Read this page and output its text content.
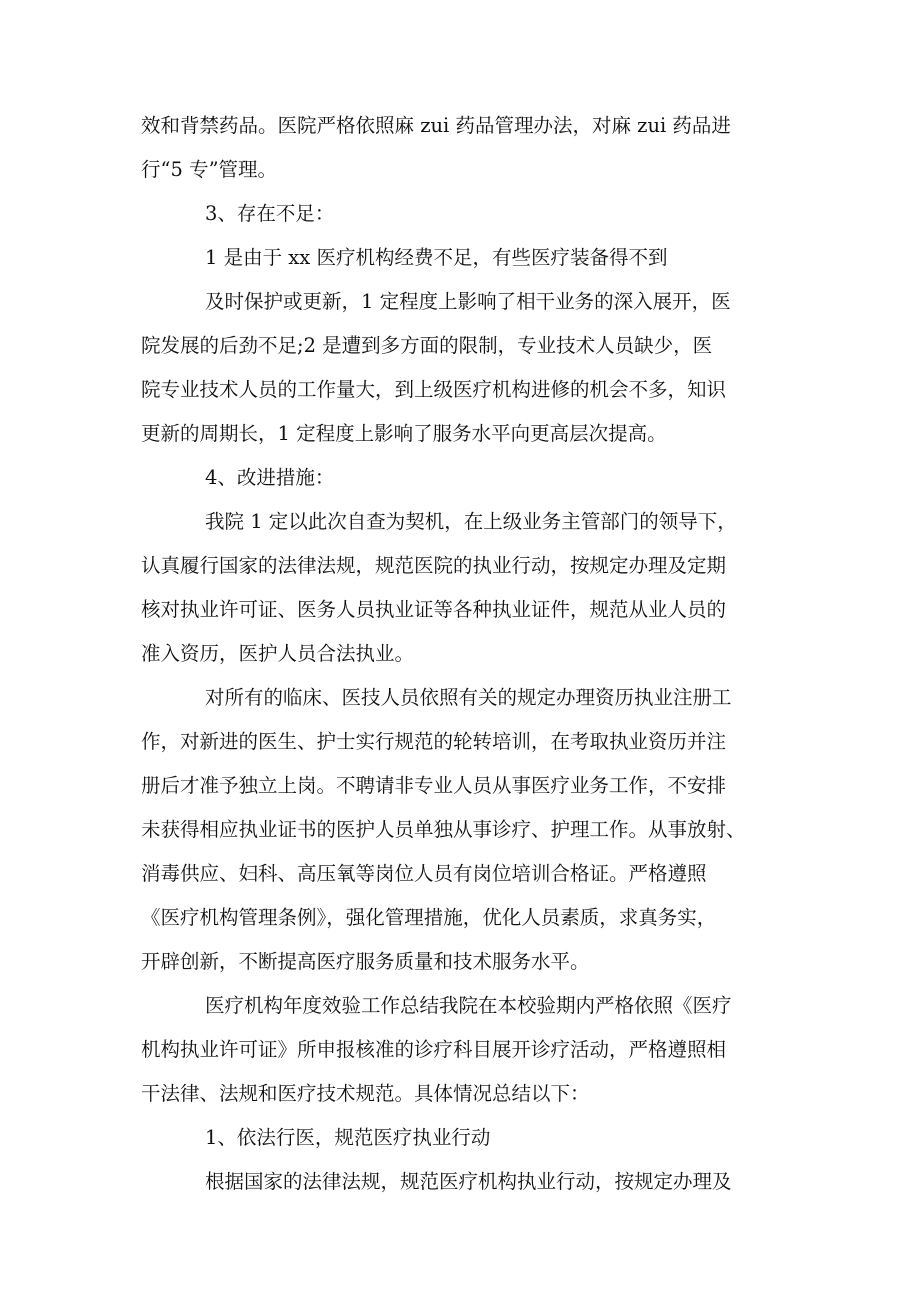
效和背禁药品。医院严格依照麻 zui 药品管理办法，对麻 zui 药品进
行“5 专”管理。
3、存在不足：
1 是由于 xx 医疗机构经费不足，有些医疗装备得不到
及时保护或更新，1 定程度上影响了相干业务的深入展开，医
院发展的后劲不足;2 是遭到多方面的限制，专业技术人员缺少，医
院专业技术人员的工作量大，到上级医疗机构进修的机会不多，知识
更新的周期长，1 定程度上影响了服务水平向更高层次提高。
4、改进措施：
我院 1 定以此次自查为契机，在上级业务主管部门的领导下，
认真履行国家的法律法规，规范医院的执业行动，按规定办理及定期
核对执业许可证、医务人员执业证等各种执业证件，规范从业人员的
准入资历，医护人员合法执业。
对所有的临床、医技人员依照有关的规定办理资历执业注册工
作，对新进的医生、护士实行规范的轮转培训，在考取执业资历并注
册后才准予独立上岗。不聘请非专业人员从事医疗业务工作，不安排
未获得相应执业证书的医护人员单独从事诊疗、护理工作。从事放射、
消毒供应、妇科、高压氧等岗位人员有岗位培训合格证。严格遵照
《医疗机构管理条例》，强化管理措施，优化人员素质，求真务实，
开辟创新，不断提高医疗服务质量和技术服务水平。
医疗机构年度效验工作总结我院在本校验期内严格依照《医疗
机构执业许可证》所申报核准的诊疗科目展开诊疗活动，严格遵照相
干法律、法规和医疗技术规范。具体情况总结以下：
1、依法行医，规范医疗执业行动
根据国家的法律法规，规范医疗机构执业行动，按规定办理及
